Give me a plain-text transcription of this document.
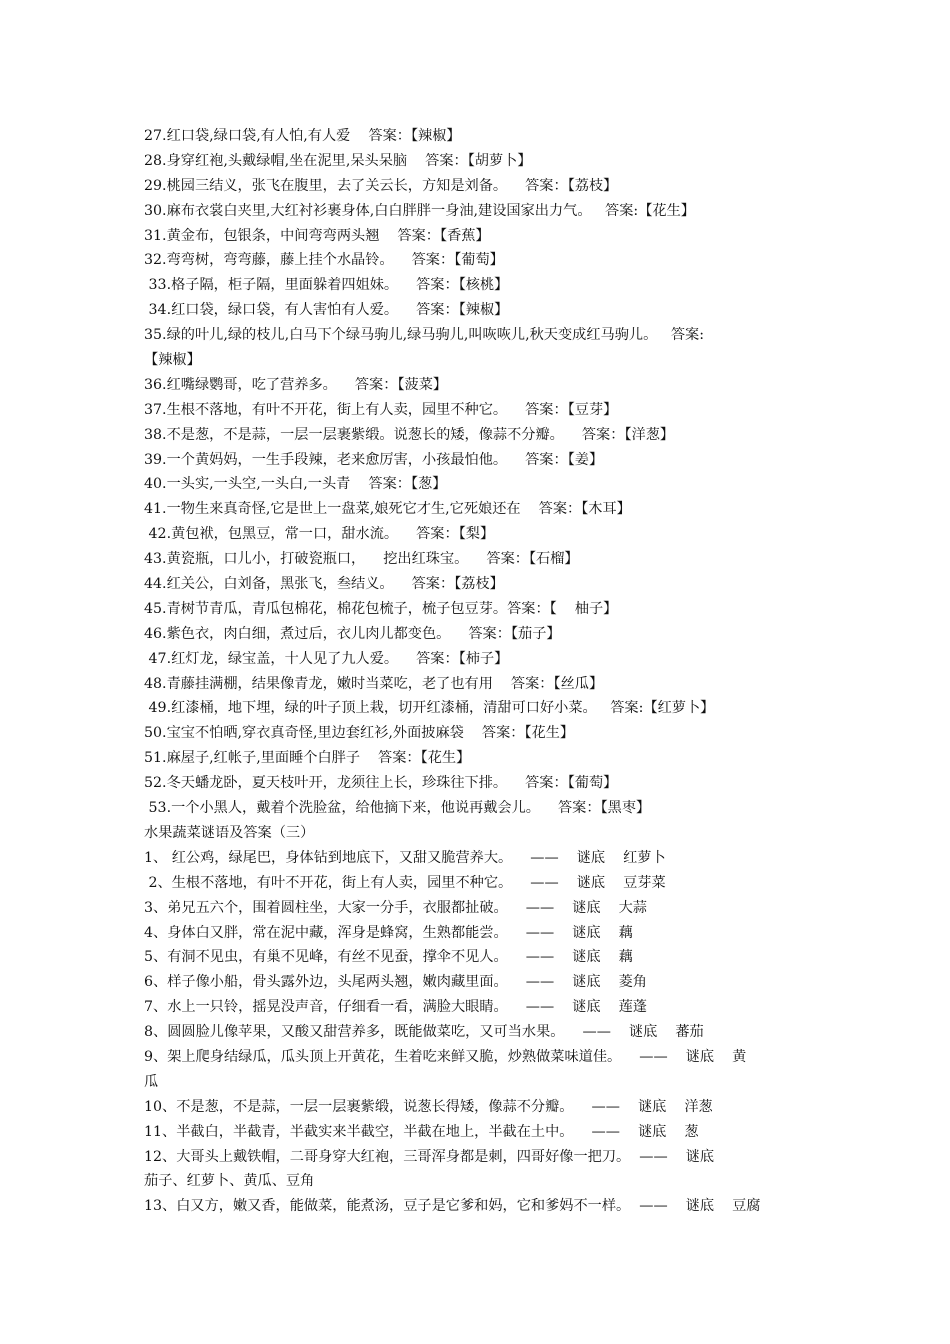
27.红口袋,绿口袋,有人怕,有人爱    答案：【辣椒】
28.身穿红袍,头戴绿帽,坐在泥里,呆头呆脑    答案：【胡萝卜】
29.桃园三结义，张飞在腹里，去了关云长，方知是刘备。    答案：【荔枝】
30.麻布衣裳白夹里,大红衬衫裹身体,白白胖胖一身油,建设国家出力气。   答案:【花生】
31.黄金布，包银条，中间弯弯两头翘    答案：【香蕉】
32.弯弯树，弯弯藤，藤上挂个水晶铃。    答案：【葡萄】
33.格子隔，柜子隔，里面躲着四姐妹。    答案：【核桃】
34.红口袋，绿口袋，有人害怕有人爱。    答案：【辣椒】
35.绿的叶儿,绿的枝儿,白马下个绿马驹儿,绿马驹儿,叫咴咴儿,秋天变成红马驹儿。   答案:
【辣椒】
36.红嘴绿鹦哥，吃了营养多。    答案：【菠菜】
37.生根不落地，有叶不开花，街上有人卖，园里不种它。    答案：【豆芽】
38.不是葱，不是蒜，一层一层裹紫缎。说葱长的矮，像蒜不分瓣。    答案：【洋葱】
39.一个黄妈妈，一生手段辣，老来愈厉害，小孩最怕他。    答案：【姜】
40.一头实,一头空,一头白,一头青    答案：【葱】
41.一物生来真奇怪,它是世上一盘菜,娘死它才生,它死娘还在    答案：【木耳】
42.黄包袱，包黑豆，常一口，甜水流。    答案：【梨】
43.黄瓷瓶，口儿小，打破瓷瓶口，    挖出红珠宝。    答案：【石榴】
44.红关公，白刘备，黑张飞，叁结义。    答案：【荔枝】
45.青树节青瓜，青瓜包棉花，棉花包梳子，梳子包豆芽。答案：【    柚子】
46.紫色衣，肉白细，煮过后，衣儿肉儿都变色。    答案：【茄子】
47.红灯龙，绿宝盖，十人见了九人爱。    答案：【柿子】
48.青藤挂满棚，结果像青龙，嫩时当菜吃，老了也有用    答案：【丝瓜】
49.红漆桶，地下埋，绿的叶子顶上栽，切开红漆桶，清甜可口好小菜。   答案:【红萝卜】
50.宝宝不怕晒,穿衣真奇怪,里边套红衫,外面披麻袋    答案：【花生】
51.麻屋子,红帐子,里面睡个白胖子    答案：【花生】
52.冬天蟠龙卧，夏天枝叶开，龙须往上长，珍珠往下排。    答案：【葡萄】
53.一个小黑人，戴着个洗脸盆，给他摘下来，他说再戴会儿。    答案：【黑枣】
水果蔬菜谜语及答案（三）
1、 红公鸡，绿尾巴，身体钻到地底下，又甜又脆营养大。    ——    谜底    红萝卜
2、生根不落地，有叶不开花，街上有人卖，园里不种它。    ——    谜底    豆芽菜
3、弟兄五六个，围着圆柱坐，大家一分手，衣服都扯破。    ——    谜底    大蒜
4、身体白又胖，常在泥中藏，浑身是蜂窝，生熟都能尝。    ——    谜底    藕
5、有洞不见虫，有巢不见峰，有丝不见蚕，撑伞不见人。    ——    谜底    藕
6、样子像小船，骨头露外边，头尾两头翘，嫩肉藏里面。    ——    谜底    菱角
7、水上一只铃，摇晃没声音，仔细看一看，满脸大眼睛。    ——    谜底    莲蓬
8、圆圆脸儿像苹果，又酸又甜营养多，既能做菜吃，又可当水果。    ——    谜底    蕃茄
9、架上爬身结绿瓜，瓜头顶上开黄花，生着吃来鲜又脆，炒熟做菜味道佳。    ——    谜底    黄
瓜
10、不是葱，不是蒜，一层一层裹紫缎，说葱长得矮，像蒜不分瓣。    ——    谜底    洋葱
11、半截白，半截青，半截实来半截空，半截在地上，半截在土中。    ——    谜底    葱
12、大哥头上戴铁帽，二哥身穿大红袍，三哥浑身都是刺，四哥好像一把刀。  ——    谜底
茄子、红萝卜、黄瓜、豆角
13、白又方，嫩又香，能做菜，能煮汤，豆子是它爹和妈，它和爹妈不一样。  ——    谜底    豆腐
